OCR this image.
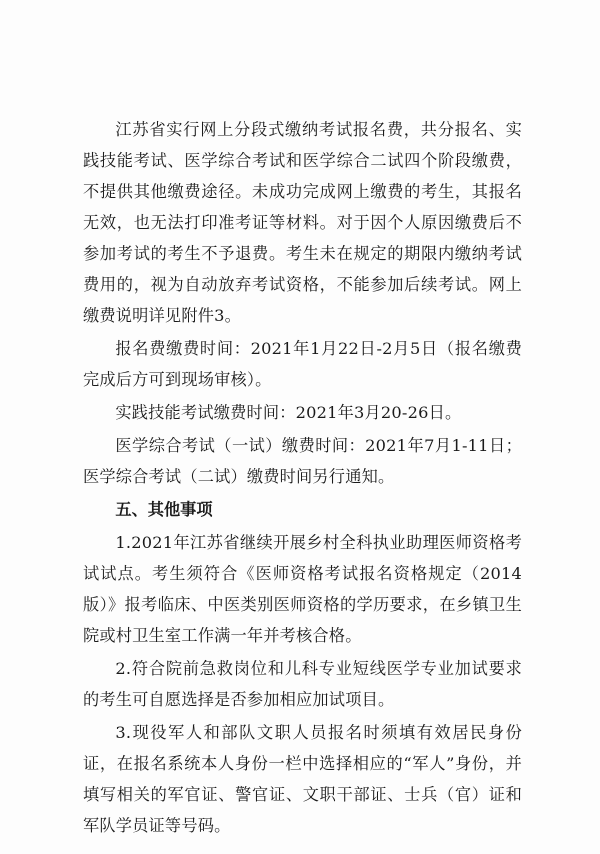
江苏省实行网上分段式缴纳考试报名费，共分报名、实践技能考试、医学综合考试和医学综合二试四个阶段缴费，不提供其他缴费途径。未成功完成网上缴费的考生，其报名无效，也无法打印准考证等材料。对于因个人原因缴费后不参加考试的考生不予退费。考生未在规定的期限内缴纳考试费用的，视为自动放弃考试资格，不能参加后续考试。网上缴费说明详见附件3。

报名费缴费时间：2021年1月22日-2月5日（报名缴费完成后方可到现场审核）。

实践技能考试缴费时间：2021年3月20-26日。

医学综合考试（一试）缴费时间：2021年7月1-11日；医学综合考试（二试）缴费时间另行通知。

五、其他事项

1.2021年江苏省继续开展乡村全科执业助理医师资格考试试点。考生须符合《医师资格考试报名资格规定（2014版）》报考临床、中医类别医师资格的学历要求，在乡镇卫生院或村卫生室工作满一年并考核合格。

2.符合院前急救岗位和儿科专业短线医学专业加试要求的考生可自愿选择是否参加相应加试项目。

3.现役军人和部队文职人员报名时须填有效居民身份证，在报名系统本人身份一栏中选择相应的“军人”身份，并填写相关的军官证、警官证、文职干部证、士兵（官）证和军队学员证等号码。
